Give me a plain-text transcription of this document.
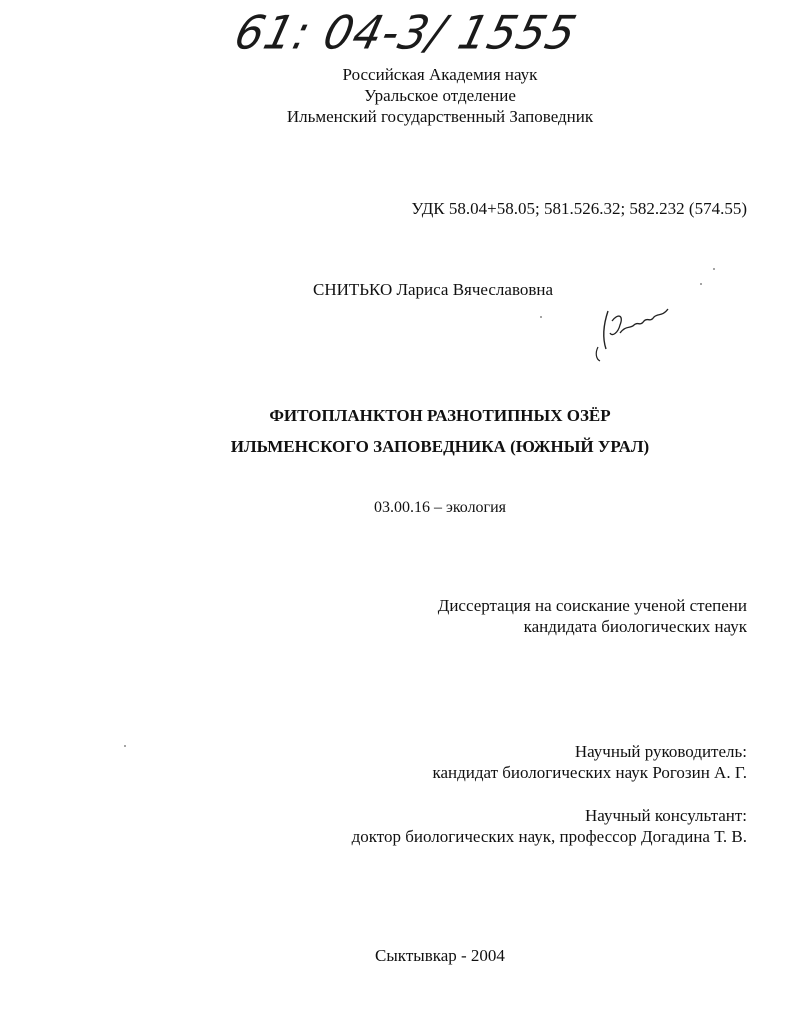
61: 04-3/ 1555
Российская Академия наук
Уральское отделение
Ильменский государственный Заповедник
УДК 58.04+58.05; 581.526.32; 582.232 (574.55)
СНИТЬКО Лариса Вячеславовна
ФИТОПЛАНКТОН РАЗНОТИПНЫХ ОЗЁР
ИЛЬМЕНСКОГО ЗАПОВЕДНИКА (ЮЖНЫЙ УРАЛ)
03.00.16 – экология
Диссертация на соискание ученой степени
кандидата биологических наук
Научный руководитель:
кандидат биологических наук Рогозин А. Г.
Научный консультант:
доктор биологических наук, профессор Догадина Т. В.
Сыктывкар - 2004
